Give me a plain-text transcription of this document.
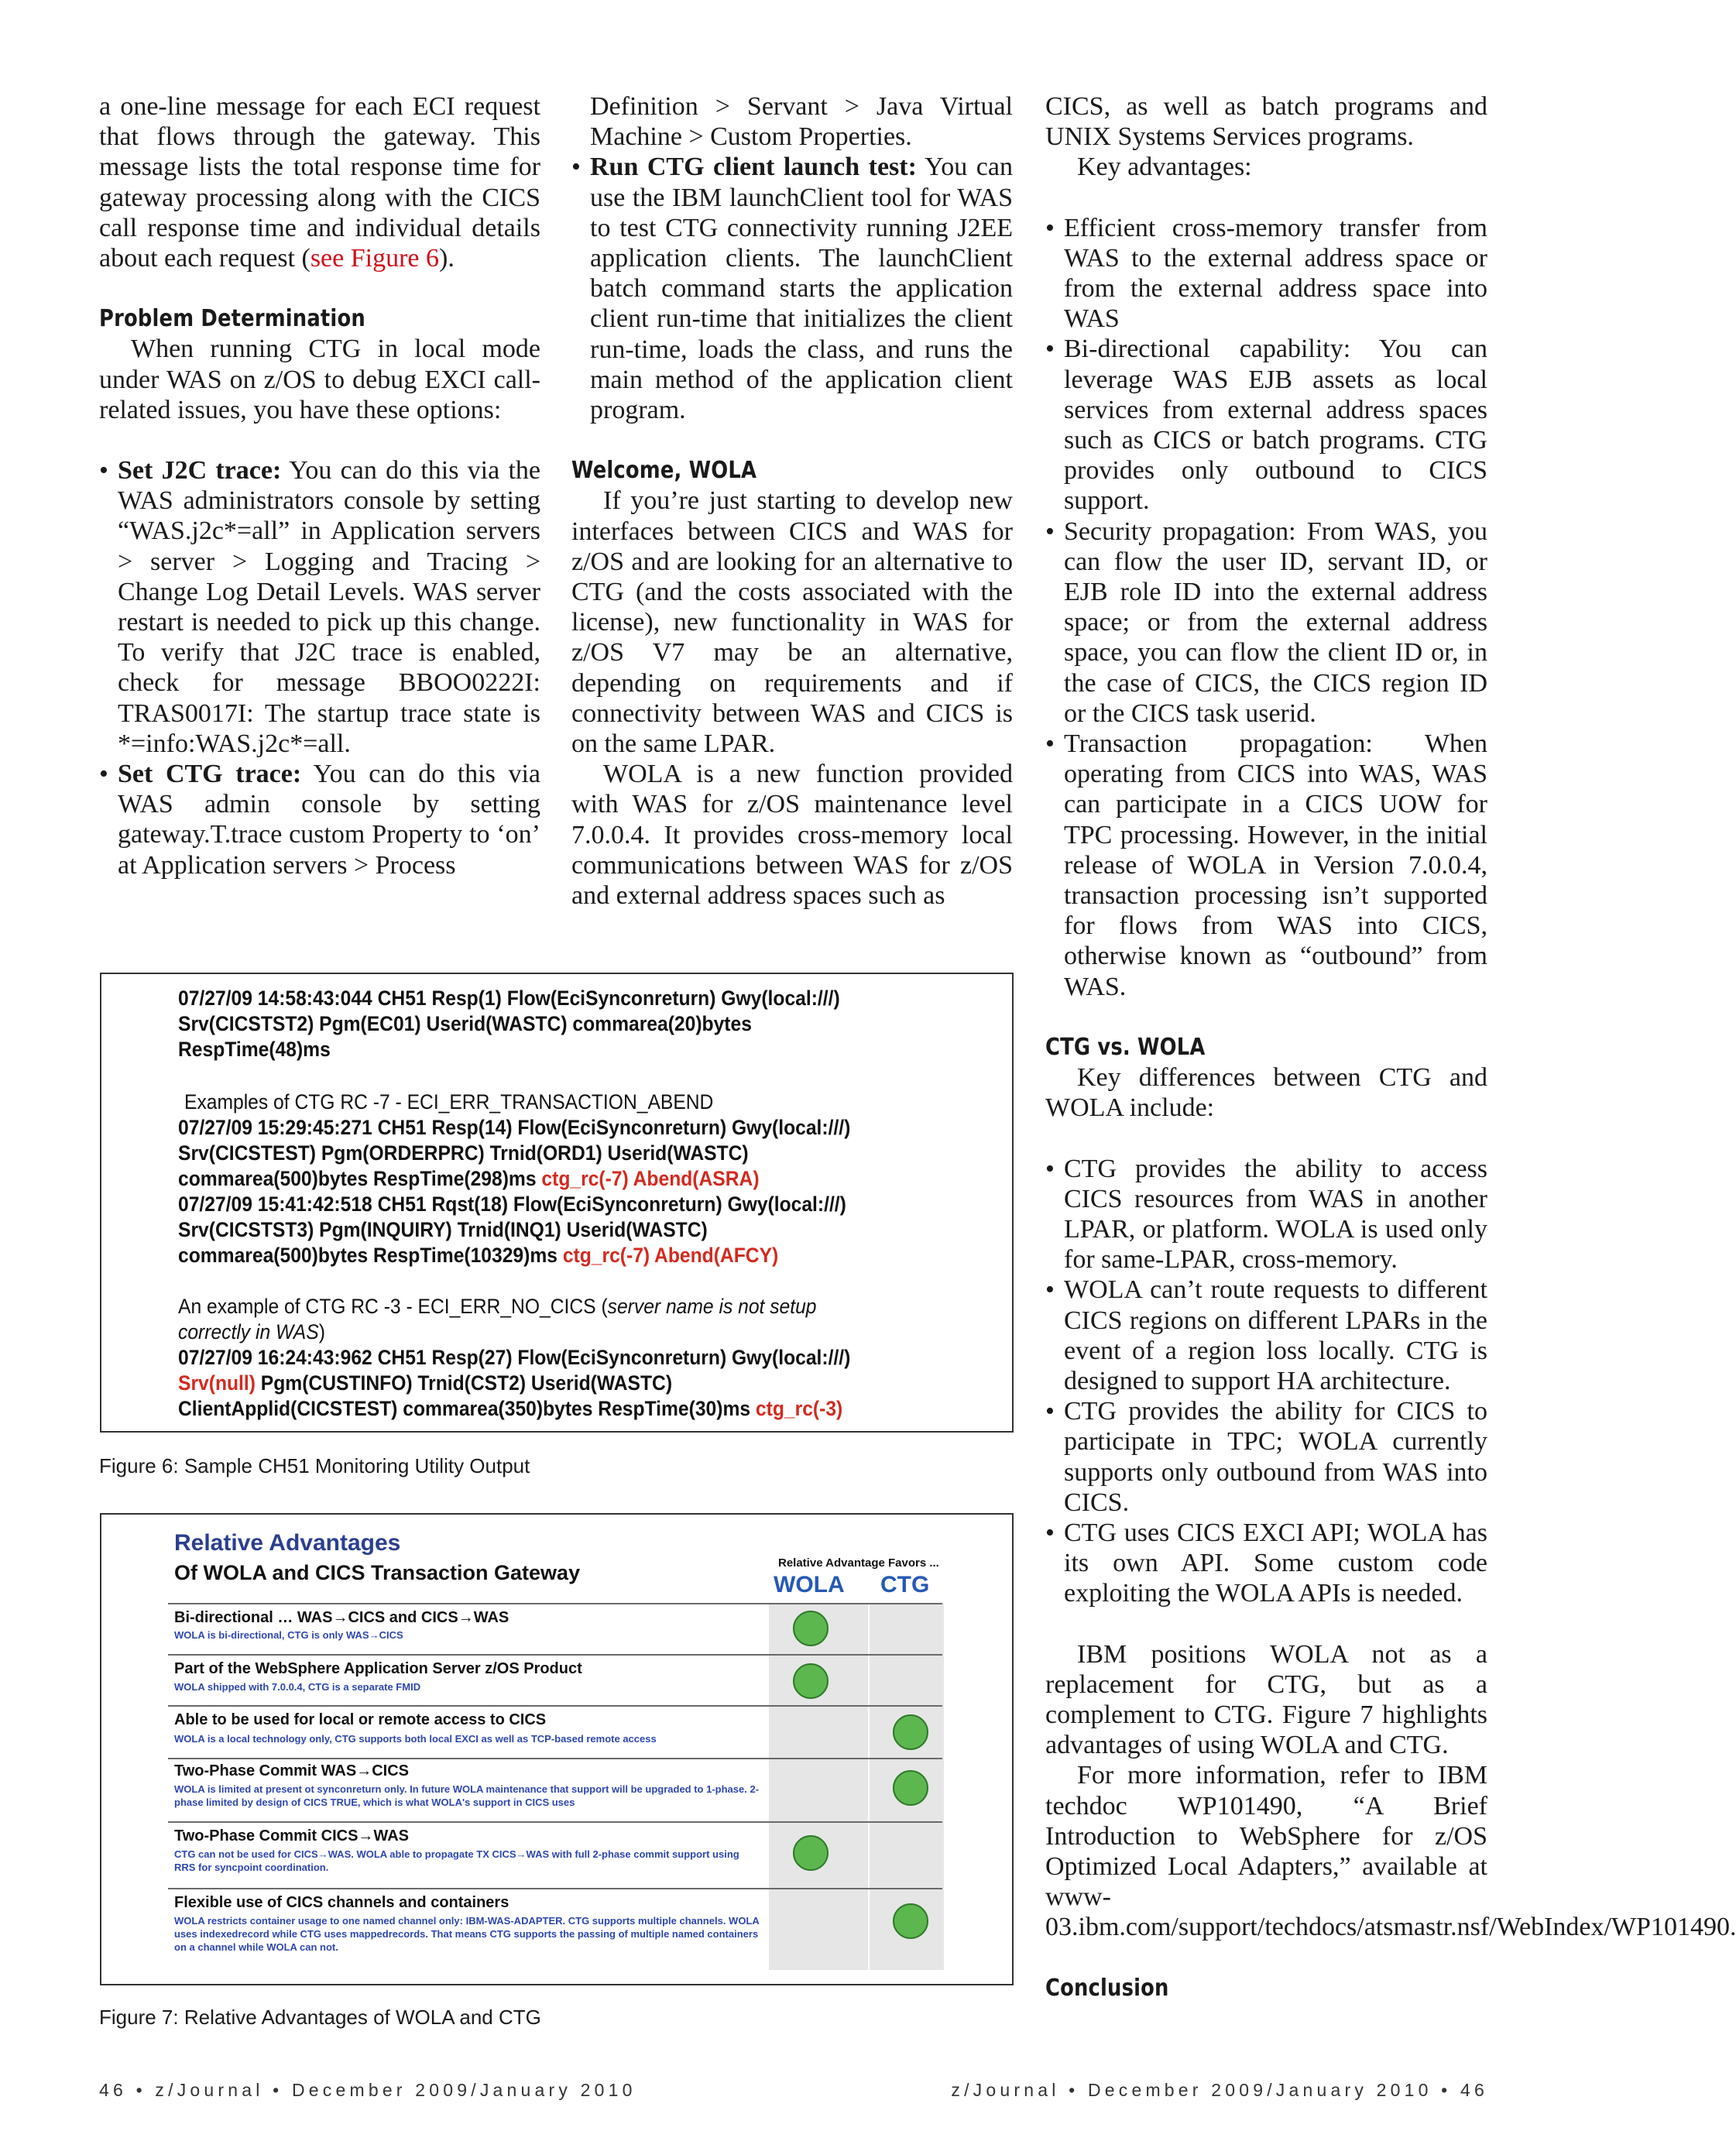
a one-line message for each ECI request that flows through the gateway. This message lists the total response time for gateway processing along with the CICS call response time and individual details about each request (see Figure 6).

Problem Determination

When running CTG in local mode under WAS on z/OS to debug EXCI call-related issues, you have these options:

• Set J2C trace: You can do this via the WAS administrators console by setting “WAS.j2c*=all” in Application servers > server > Logging and Tracing > Change Log Detail Levels. WAS server restart is needed to pick up this change. To verify that J2C trace is enabled, check for message BBOO0222I: TRAS0017I: The startup trace state is *=info:WAS.j2c*=all.
• Set CTG trace: You can do this via WAS admin console by setting gateway.T.trace custom Property to ‘on’ at Application servers > Process

Definition > Servant > Java Virtual Machine > Custom Properties.

• Run CTG client launch test: You can use the IBM launchClient tool for WAS to test CTG connectivity running J2EE application clients. The launchClient batch command starts the application client run-time that initializes the client run-time, loads the class, and runs the main method of the application client program.
Welcome, WOLA

If you’re just starting to develop new interfaces between CICS and WAS for z/OS and are looking for an alternative to CTG (and the costs associated with the license), new functionality in WAS for z/OS V7 may be an alternative, depending on requirements and if connectivity between WAS and CICS is on the same LPAR.

WOLA is a new function provided with WAS for z/OS maintenance level 7.0.0.4. It provides cross-memory local communications between WAS for z/OS and external address spaces such as

CICS, as well as batch programs and UNIX Systems Services programs.

Key advantages:

• Efficient cross-memory transfer from WAS to the external address space or from the external address space into WAS
• Bi-directional capability: You can leverage WAS EJB assets as local services from external address spaces such as CICS or batch programs. CTG provides only outbound to CICS support.
• Security propagation: From WAS, you can flow the user ID, servant ID, or EJB role ID into the external address space; or from the external address space, you can flow the client ID or, in the case of CICS, the CICS region ID or the CICS task userid.
• Transaction propagation: When operating from CICS into WAS, WAS can participate in a CICS UOW for TPC processing. However, in the initial release of WOLA in Version 7.0.0.4, transaction processing isn’t supported for flows from WAS into CICS, otherwise known as “outbound” from WAS.
CTG vs. WOLA

Key differences between CTG and WOLA include:

• CTG provides the ability to access CICS resources from WAS in another LPAR, or platform. WOLA is used only for same-LPAR, cross-memory.
• WOLA can’t route requests to different CICS regions on different LPARs in the event of a region loss locally. CTG is designed to support HA architecture.
• CTG provides the ability for CICS to participate in TPC; WOLA currently supports only outbound from WAS into CICS.
• CTG uses CICS EXCI API; WOLA has its own API. Some custom code exploiting the WOLA APIs is needed.

IBM positions WOLA not as a replacement for CTG, but as a complement to CTG. Figure 7 highlights advantages of using WOLA and CTG.

For more information, refer to IBM techdoc WP101490, “A Brief Introduction to WebSphere for z/OS Optimized Local Adapters,” available at www-03.ibm.com/support/techdocs/atsmastr.nsf/WebIndex/WP101490.

Conclusion
07/27/09 14:58:43:044 CH51 Resp(1) Flow(EciSynconreturn) Gwy(local:///)
Srv(CICSTST2) Pgm(EC01) Userid(WASTC) commarea(20)bytes
RespTime(48)ms
Examples of CTG RC -7 - ECI_ERR_TRANSACTION_ABEND
07/27/09 15:29:45:271 CH51 Resp(14) Flow(EciSynconreturn) Gwy(local:///)
Srv(CICSTEST) Pgm(ORDERPRC) Trnid(ORD1) Userid(WASTC)
commarea(500)bytes RespTime(298)ms ctg_rc(-7) Abend(ASRA)
07/27/09 15:41:42:518 CH51 Rqst(18) Flow(EciSynconreturn) Gwy(local:///)
Srv(CICSTST3) Pgm(INQUIRY) Trnid(INQ1) Userid(WASTC)
commarea(500)bytes RespTime(10329)ms ctg_rc(-7) Abend(AFCY)
An example of CTG RC -3 - ECI_ERR_NO_CICS (server name is not setup
correctly in WAS)
07/27/09 16:24:43:962 CH51 Resp(27) Flow(EciSynconreturn) Gwy(local:///)
Srv(null) Pgm(CUSTINFO) Trnid(CST2) Userid(WASTC)
ClientApplid(CICSTEST) commarea(350)bytes RespTime(30)ms ctg_rc(-3)
Figure 6: Sample CH51 Monitoring Utility Output
Relative Advantages
Of WOLA and CICS Transaction Gateway	Relative Advantage Favors ...
WOLA CTG
Bi-directional … WAS→CICS and CICS→WAS
WOLA is bi-directional, CTG is only WAS→CICS
Part of the WebSphere Application Server z/OS Product
WOLA shipped with 7.0.0.4, CTG is a separate FMID
Able to be used for local or remote access to CICS
WOLA is a local technology only, CTG supports both local EXCI as well as TCP-based remote access
Two-Phase Commit WAS→CICS
WOLA is limited at present ot synconreturn only. In future WOLA maintenance that support will be upgraded to 1-phase. 2-phase limited by design of CICS TRUE, which is what WOLA's support in CICS uses
Two-Phase Commit CICS→WAS
CTG can not be used for CICS→WAS. WOLA able to propagate TX CICS→WAS with full 2-phase commit support using RRS for syncpoint coordination.
Flexible use of CICS channels and containers
WOLA restricts container usage to one named channel only: IBM-WAS-ADAPTER. CTG supports multiple channels. WOLA uses indexedrecord while CTG uses mappedrecords. That means CTG supports the passing of multiple named containers on a channel while WOLA can not.
Figure 7: Relative Advantages of WOLA and CTG
46 • z/Journal • December 2009/January 2010	z/Journal • December 2009/January 2010 • 46
